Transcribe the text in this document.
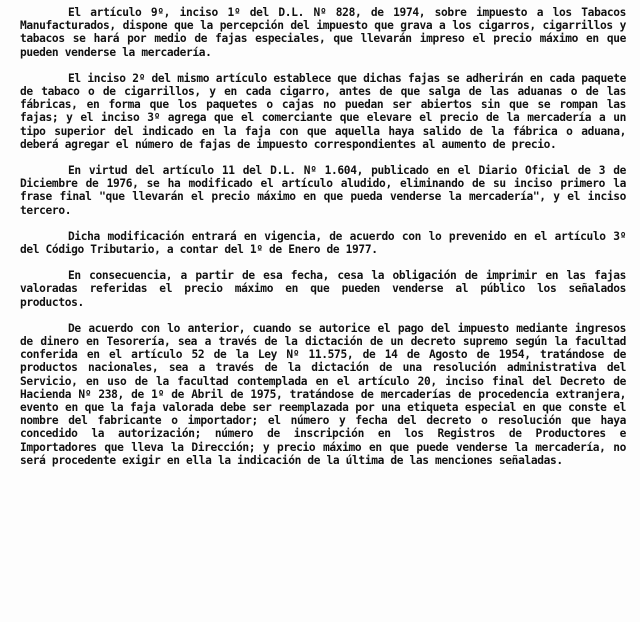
El artículo 9º, inciso 1º del D.L. Nº 828, de 1974, sobre impuesto a los Tabacos Manufacturados, dispone que la percepción del impuesto que grava a los cigarros, cigarrillos y tabacos se hará por medio de fajas especiales, que llevarán impreso el precio máximo en que pueden venderse la mercadería.

El inciso 2º del mismo artículo establece que dichas fajas se adherirán en cada paquete de tabaco o de cigarrillos, y en cada cigarro, antes de que salga de las aduanas o de las fábricas, en forma que los paquetes o cajas no puedan ser abiertos sin que se rompan las fajas; y el inciso 3º agrega que el comerciante que elevare el precio de la mercadería a un tipo superior del indicado en la faja con que aquella haya salido de la fábrica o aduana, deberá agregar el número de fajas de impuesto correspondientes al aumento de precio.

En virtud del artículo 11 del D.L. Nº 1.604, publicado en el Diario Oficial de 3 de Diciembre de 1976, se ha modificado el artículo aludido, eliminando de su inciso primero la frase final "que llevarán el precio máximo en que pueda venderse la mercadería", y el inciso tercero.

Dicha modificación entrará en vigencia, de acuerdo con lo prevenido en el artículo 3º del Código Tributario, a contar del 1º de Enero de 1977.

En consecuencia, a partir de esa fecha, cesa la obligación de imprimir en las fajas valoradas referidas el precio máximo en que pueden venderse al público los señalados productos.

De acuerdo con lo anterior, cuando se autorice el pago del impuesto mediante ingresos de dinero en Tesorería, sea a través de la dictación de un decreto supremo según la facultad conferida en el artículo 52 de la Ley Nº 11.575, de 14 de Agosto de 1954, tratándose de productos nacionales, sea a través de la dictación de una resolución administrativa del Servicio, en uso de la facultad contemplada en el artículo 20, inciso final del Decreto de Hacienda Nº 238, de 1º de Abril de 1975, tratándose de mercaderías de procedencia extranjera, evento en que la faja valorada debe ser reemplazada por una etiqueta especial en que conste el nombre del fabricante o importador; el número y fecha del decreto o resolución que haya concedido la autorización; número de inscripción en los Registros de Productores e Importadores que lleva la Dirección; y precio máximo en que puede venderse la mercadería, no será procedente exigir en ella la indicación de la última de las menciones señaladas.
